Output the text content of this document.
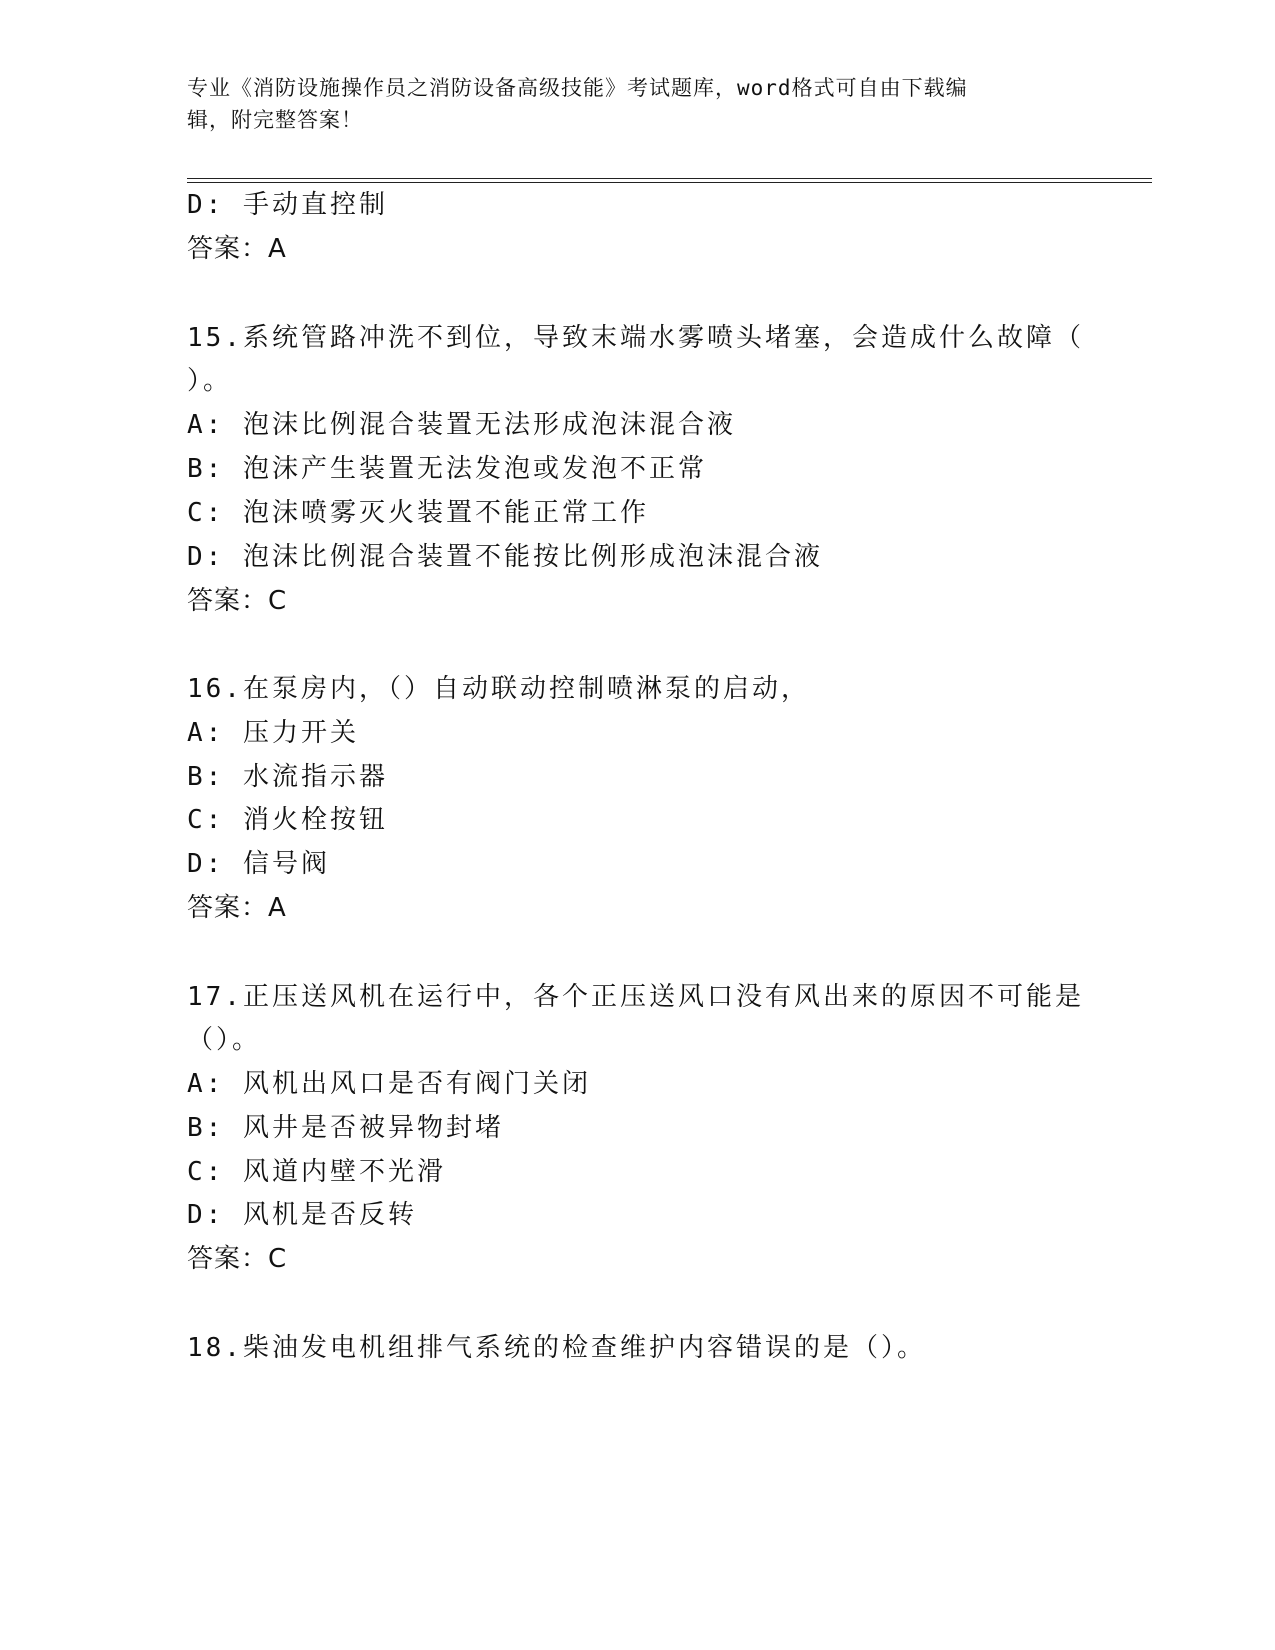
专业《消防设施操作员之消防设备高级技能》考试题库，word格式可自由下载编
辑，附完整答案！
D: 手动直控制
答案：A
15.系统管路冲洗不到位，导致末端水雾喷头堵塞，会造成什么故障（
）。
A: 泡沫比例混合装置无法形成泡沫混合液
B: 泡沫产生装置无法发泡或发泡不正常
C: 泡沫喷雾灭火装置不能正常工作
D: 泡沫比例混合装置不能按比例形成泡沫混合液
答案：C
16.在泵房内，（）自动联动控制喷淋泵的启动，
A: 压力开关
B: 水流指示器
C: 消火栓按钮
D: 信号阀
答案：A
17.正压送风机在运行中，各个正压送风口没有风出来的原因不可能是
（）。
A: 风机出风口是否有阀门关闭
B: 风井是否被异物封堵
C: 风道内壁不光滑
D: 风机是否反转
答案：C
18.柴油发电机组排气系统的检查维护内容错误的是（）。
